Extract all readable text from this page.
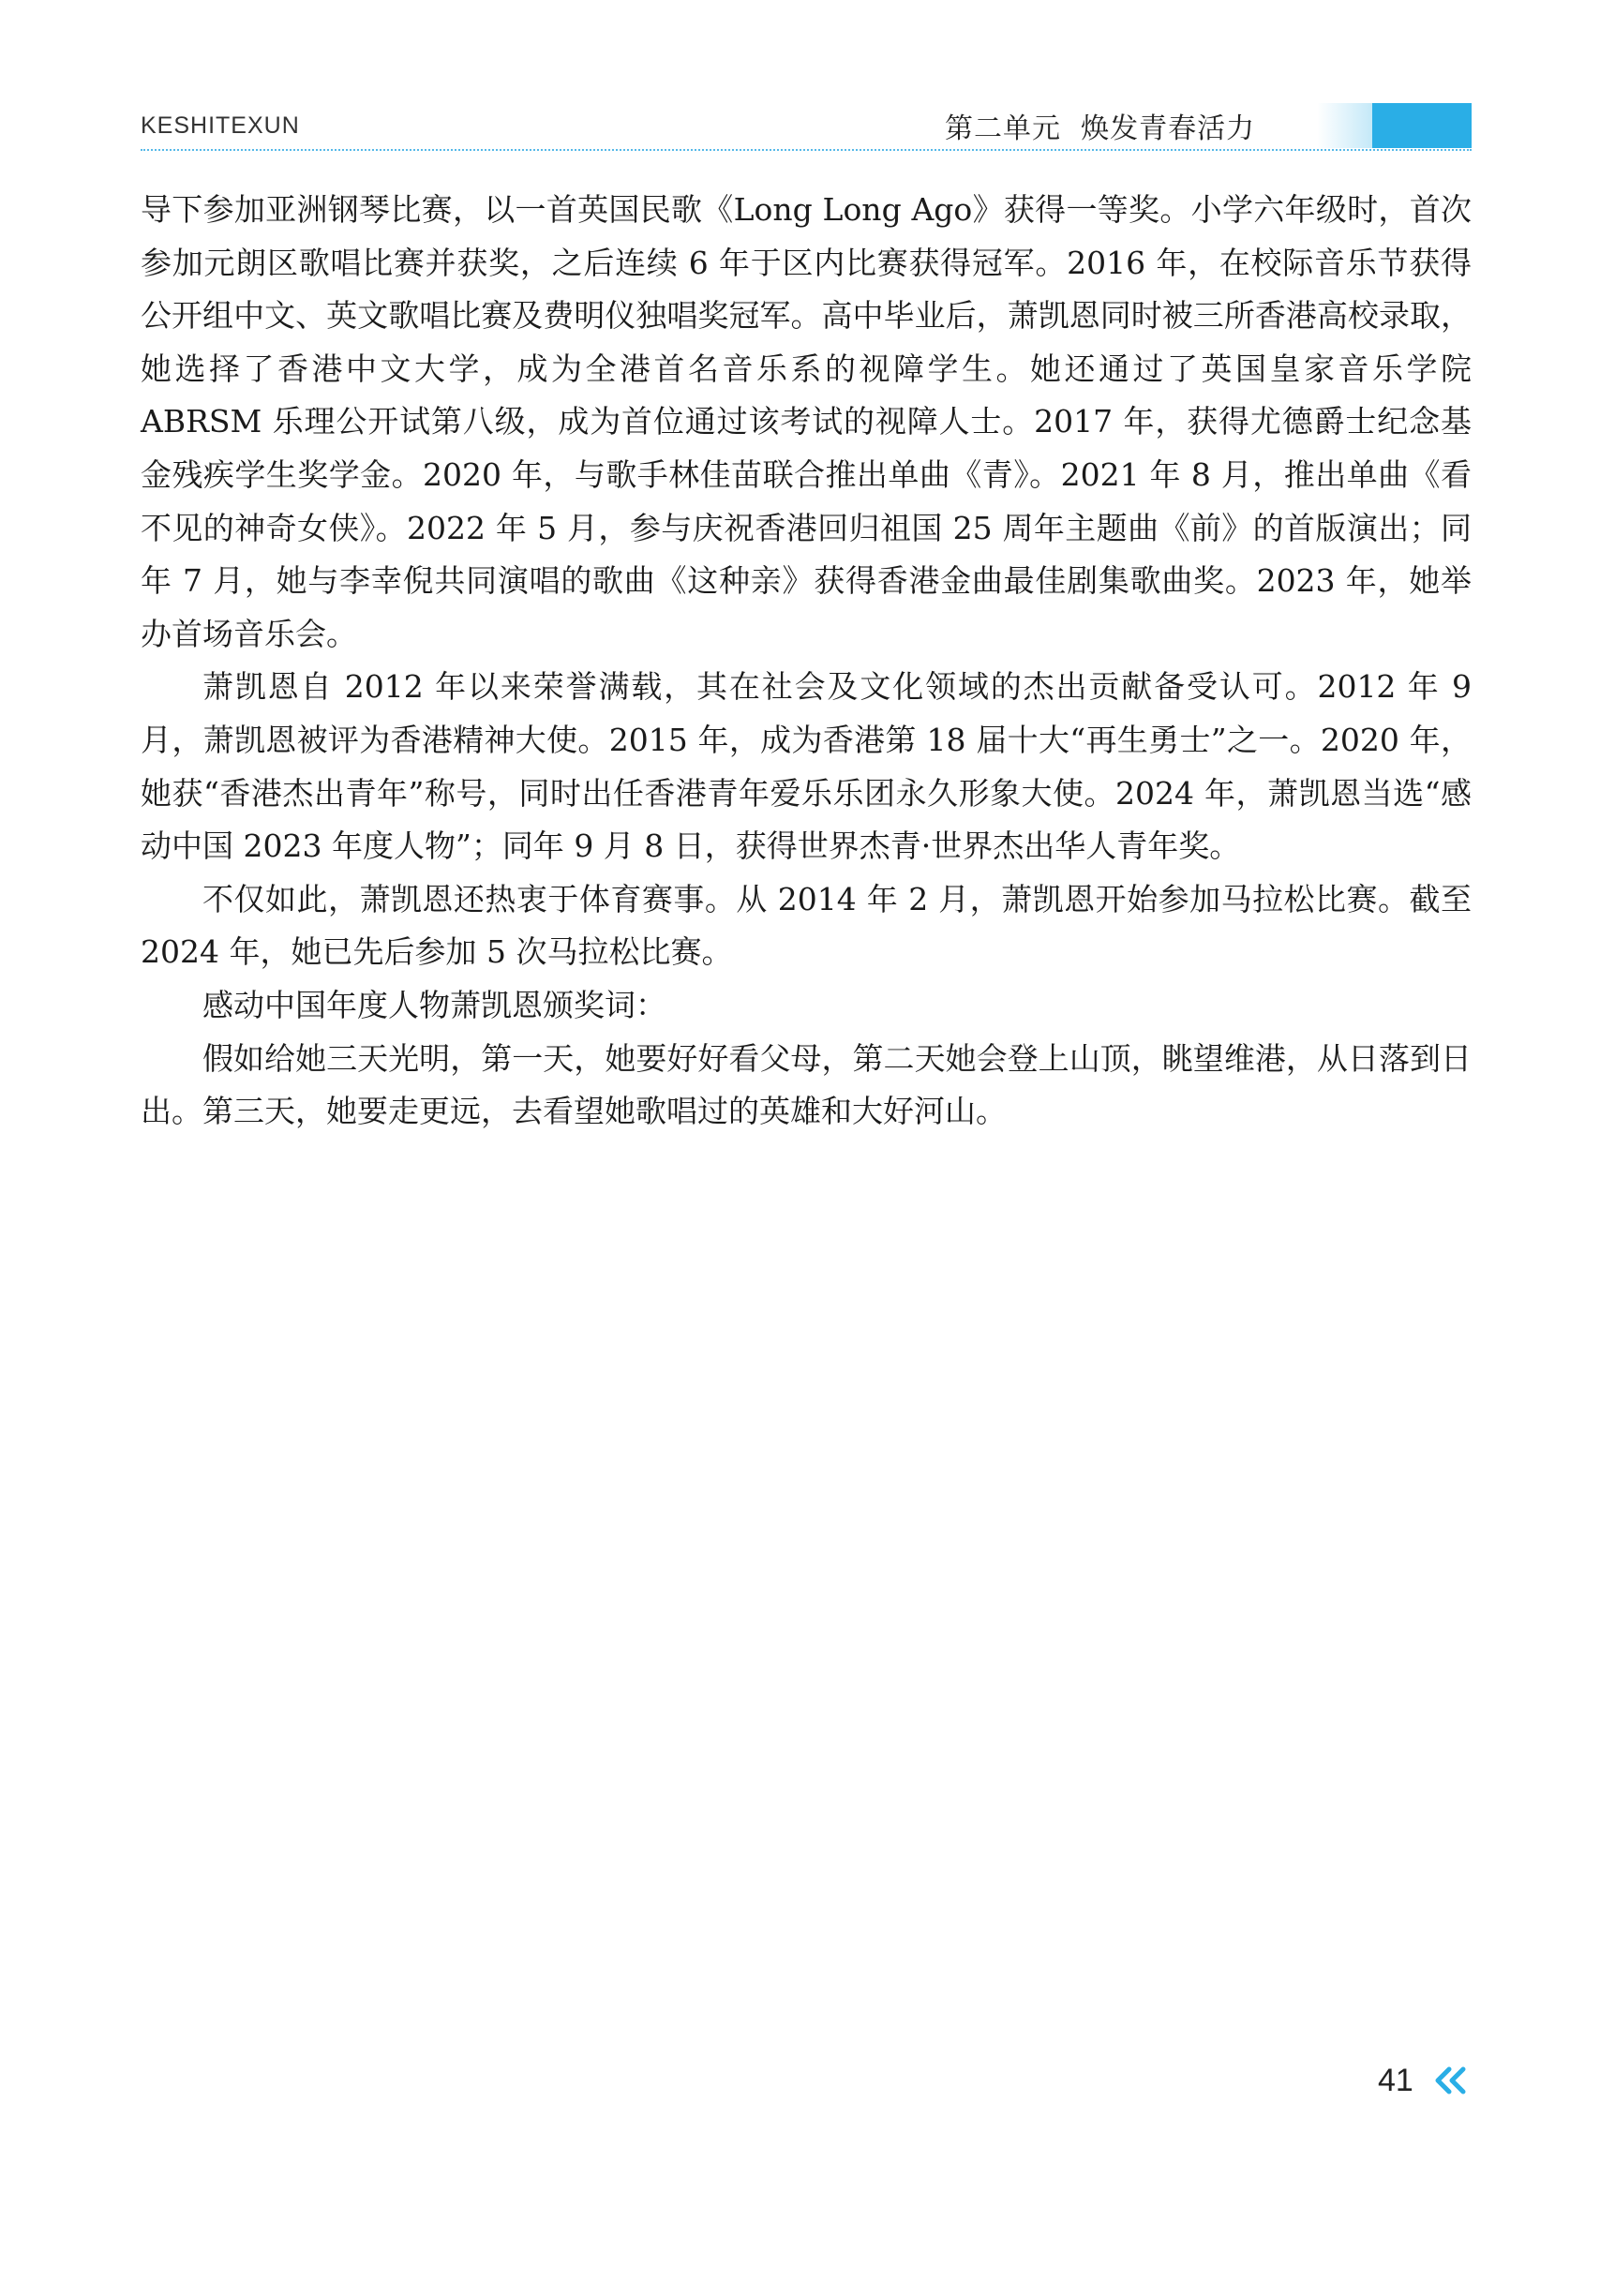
KESHITEXUN	第二单元  焕发青春活力

导下参加亚洲钢琴比赛，以一首英国民歌《Long Long Ago》获得一等奖。小学六年级时，首次参加元朗区歌唱比赛并获奖，之后连续 6 年于区内比赛获得冠军。2016 年，在校际音乐节获得公开组中文、英文歌唱比赛及费明仪独唱奖冠军。高中毕业后，萧凯恩同时被三所香港高校录取，她选择了香港中文大学，成为全港首名音乐系的视障学生。她还通过了英国皇家音乐学院 ABRSM 乐理公开试第八级，成为首位通过该考试的视障人士。2017 年，获得尤德爵士纪念基金残疾学生奖学金。2020 年，与歌手林佳苗联合推出单曲《青》。2021 年 8 月，推出单曲《看不见的神奇女侠》。2022 年 5 月，参与庆祝香港回归祖国 25 周年主题曲《前》的首版演出；同年 7 月，她与李幸倪共同演唱的歌曲《这种亲》获得香港金曲最佳剧集歌曲奖。2023 年，她举办首场音乐会。

萧凯恩自 2012 年以来荣誉满载，其在社会及文化领域的杰出贡献备受认可。2012 年 9 月，萧凯恩被评为香港精神大使。2015 年，成为香港第 18 届十大“再生勇士”之一。2020 年，她获“香港杰出青年”称号，同时出任香港青年爱乐乐团永久形象大使。2024 年，萧凯恩当选“感动中国 2023 年度人物”；同年 9 月 8 日，获得世界杰青·世界杰出华人青年奖。

不仅如此，萧凯恩还热衷于体育赛事。从 2014 年 2 月，萧凯恩开始参加马拉松比赛。截至 2024 年，她已先后参加 5 次马拉松比赛。

感动中国年度人物萧凯恩颁奖词：

假如给她三天光明，第一天，她要好好看父母，第二天她会登上山顶，眺望维港，从日落到日出。第三天，她要走更远，去看望她歌唱过的英雄和大好河山。

41
